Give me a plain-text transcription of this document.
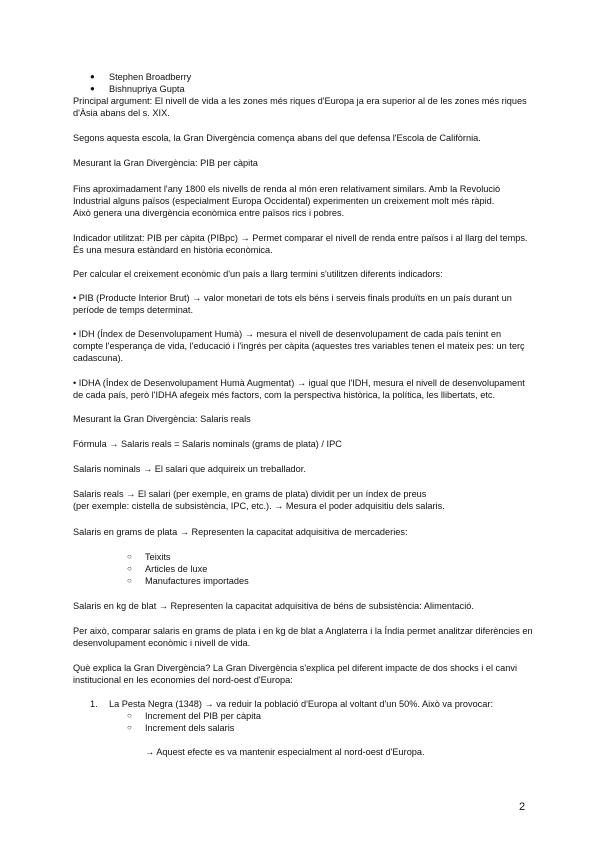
● Stephen Broadberry
● Bishnupriya Gupta

Principal argument: El nivell de vida a les zones més riques d'Europa ja era superior al de les zones més riques

d'Àsia abans del s. XIX.

Segons aquesta escola, la Gran Divergència comença abans del que defensa l'Escola de Califòrnia.

Mesurant la Gran Divergència: PIB per càpita

Fins aproximadament l'any 1800 els nivells de renda al món eren relativament similars. Amb la Revolució

Industrial alguns països (especialment Europa Occidental) experimenten un creixement molt més ràpid.

Això genera una divergència econòmica entre països rics i pobres.

Indicador utilitzat: PIB per càpita (PIBpc) → Permet comparar el nivell de renda entre països i al llarg del temps.

És una mesura estàndard en història econòmica.

Per calcular el creixement econòmic d'un país a llarg termini s'utilitzen diferents indicadors:

• PIB (Producte Interior Brut) → valor monetari de tots els béns i serveis finals produïts en un país durant un

període de temps determinat.

• IDH (Índex de Desenvolupament Humà) → mesura el nivell de desenvolupament de cada país tenint en

compte l'esperança de vida, l'educació i l'ingrés per càpita (aquestes tres variables tenen el mateix pes: un terç

cadascuna).

• IDHA (Índex de Desenvolupament Humà Augmentat) → igual que l'IDH, mesura el nivell de desenvolupament

de cada país, però l'IDHA afegeix més factors, com la perspectiva històrica, la política, les llibertats, etc.

Mesurant la Gran Divergència: Salaris reals

Fórmula → Salaris reals = Salaris nominals (grams de plata) / IPC

Salaris nominals → El salari que adquireix un treballador.

Salaris reals → El salari (per exemple, en grams de plata) dividit per un índex de preus

(per exemple: cistella de subsistència, IPC, etc.). → Mesura el poder adquisitiu dels salaris.

Salaris en grams de plata → Representen la capacitat adquisitiva de mercaderies:

○ Teixits
○ Articles de luxe
○ Manufactures importades

Salaris en kg de blat → Representen la capacitat adquisitiva de béns de subsistència: Alimentació.

Per això, comparar salaris en grams de plata i en kg de blat a Anglaterra i la Índia permet analitzar diferències en

desenvolupament econòmic i nivell de vida.

Què explica la Gran Divergència? La Gran Divergència s'explica pel diferent impacte de dos shocks i el canvi

institucional en les economies del nord-oest d'Europa:

1. La Pesta Negra (1348) → va reduir la població d'Europa al voltant d'un 50%. Això va provocar:
○ Increment del PIB per càpita
○ Increment dels salaris

→ Aquest efecte es va mantenir especialment al nord-oest d'Europa.

2
